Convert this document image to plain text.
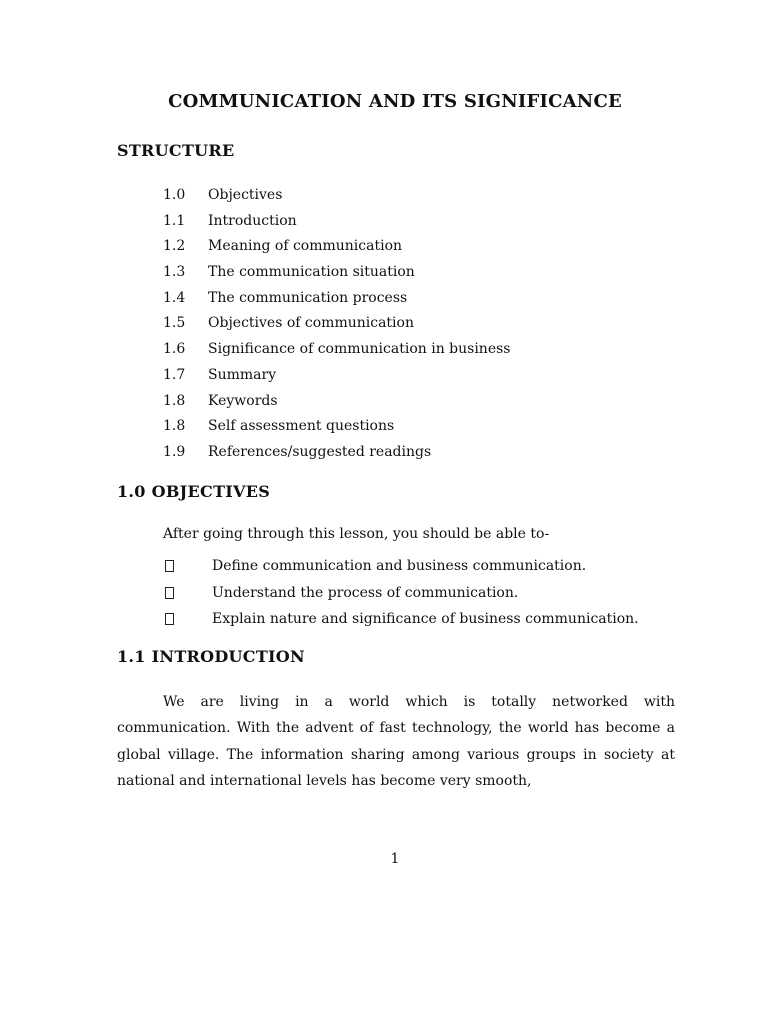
COMMUNICATION AND ITS SIGNIFICANCE
STRUCTURE
1.0	Objectives
1.1	Introduction
1.2	Meaning of communication
1.3	The communication situation
1.4	The communication process
1.5	Objectives of communication
1.6	Significance of communication in business
1.7	Summary
1.8	Keywords
1.8	Self assessment questions
1.9	References/suggested readings
1.0 OBJECTIVES
After going through this lesson, you should be able to-
Define communication and business communication.
Understand the process of communication.
Explain nature and significance of business communication.
1.1 INTRODUCTION

We are living in a world which is totally networked with communication. With the advent of fast technology, the world has become a global village. The information sharing among various groups in society at national and international levels has become very smooth,

1
